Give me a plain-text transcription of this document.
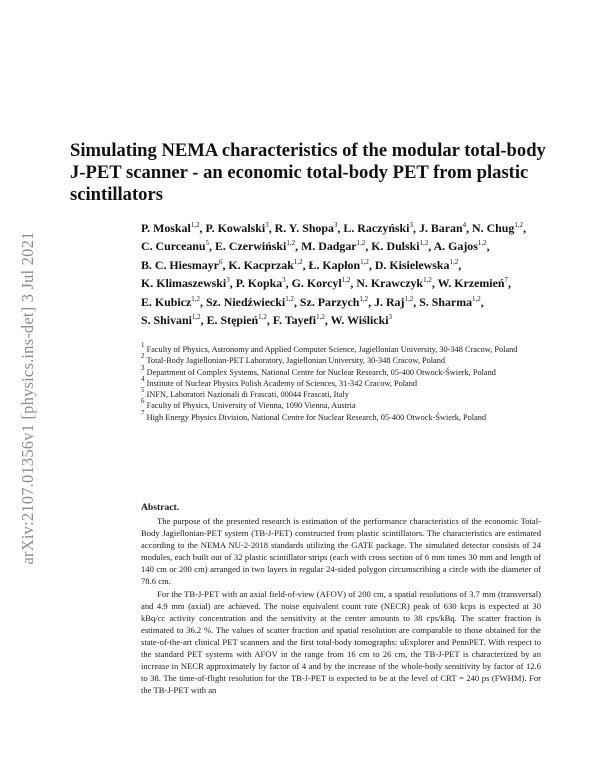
arXiv:2107.01356v1 [physics.ins-det] 3 Jul 2021
Simulating NEMA characteristics of the modular total-body J-PET scanner - an economic total-body PET from plastic scintillators
P. Moskal$^{1,2}$, P. Kowalski$^3$, R. Y. Shopa$^3$, L. Raczyński$^3$, J. Baran$^4$, N. Chug$^{1,2}$, C. Curceanu$^5$, E. Czerwiński$^{1,2}$, M. Dadgar$^{1,2}$, K. Dulski$^{1,2}$, A. Gajos$^{1,2}$, B. C. Hiesmayr$^6$, K. Kacprzak$^{1,2}$, Ł. Kapłon$^{1,2}$, D. Kisielewska$^{1,2}$, K. Klimaszewski$^3$, P. Kopka$^3$, G. Korcyl$^{1,2}$, N. Krawczyk$^{1,2}$, W. Krzemień$^7$, E. Kubicz$^{1,2}$, Sz. Niedźwiecki$^{1,2}$, Sz. Parzych$^{1,2}$, J. Raj$^{1,2}$, S. Sharma$^{1,2}$, S. Shivani$^{1,2}$, E. Stępień$^{1,2}$, F. Tayefi$^{1,2}$, W. Wiślicki$^3$

$^1$ Faculty of Physics, Astronomy and Applied Computer Science, Jagiellonian University, 30-348 Cracow, Poland

$^2$ Total-Body Jagiellonian-PET Laboratory, Jagiellonian University, 30-348 Cracow, Poland

$^3$ Department of Complex Systems, National Centre for Nuclear Research, 05-400 Otwock-Świerk, Poland

$^4$ Institute of Nuclear Physics Polish Academy of Sciences, 31-342 Cracow, Poland

$^5$ INFN, Laboratori Nazionali di Frascati, 00044 Frascati, Italy

$^6$ Faculty of Physics, University of Vienna, 1090 Vienna, Austria

$^7$ High Energy Physics Division, National Centre for Nuclear Research, 05-400 Otwock-Świerk, Poland

Abstract.

The purpose of the presented research is estimation of the performance characteristics of the economic Total-Body Jagiellonian-PET system (TB-J-PET) constructed from plastic scintillators. The characteristics are estimated according to the NEMA NU-2-2018 standards utilizing the GATE package. The simulated detector consists of 24 modules, each built out of 32 plastic scintillator strips (each with cross section of 6 mm times 30 mm and length of 140 cm or 200 cm) arranged in two layers in regular 24-sided polygon circumscribing a circle with the diameter of 78.6 cm.

For the TB-J-PET with an axial field-of-view (AFOV) of 200 cm, a spatial resolutions of 3.7 mm (transversal) and 4.9 mm (axial) are achieved. The noise equivalent count rate (NECR) peak of 630 kcps is expected at 30 kBq/cc activity concentration and the sensitivity at the center amounts to 38 cps/kBq. The scatter fraction is estimated to 36.2 %. The values of scatter fraction and spatial resolution are comparable to those obtained for the state-of-the-art clinical PET scanners and the first total-body tomographs: uExplorer and PennPET. With respect to the standard PET systems with AFOV in the range from 16 cm to 26 cm, the TB-J-PET is characterized by an increase in NECR approximately by factor of 4 and by the increase of the whole-body sensitivity by factor of 12.6 to 38. The time-of-flight resolution for the TB-J-PET is expected to be at the level of CRT = 240 ps (FWHM). For the TB-J-PET with an
